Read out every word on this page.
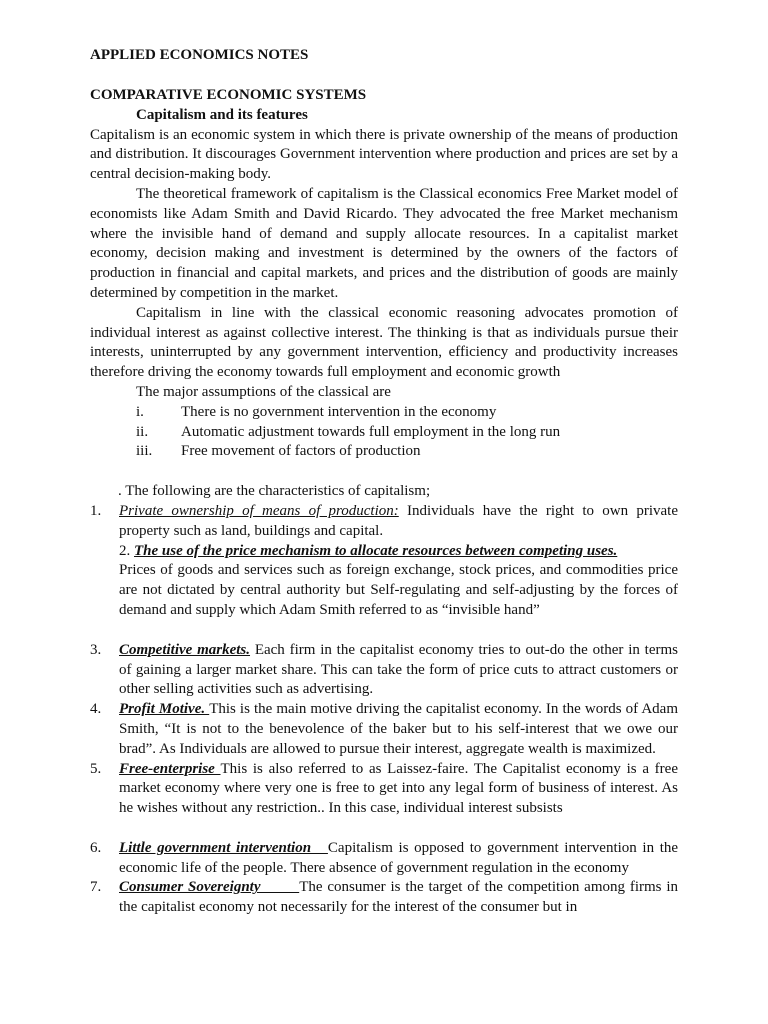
APPLIED ECONOMICS NOTES

COMPARATIVE ECONOMIC SYSTEMS

Capitalism and its features

Capitalism is an economic system in which there is private ownership of the means of production and distribution. It discourages Government intervention where production and prices are set by a central decision-making body.

The theoretical framework of capitalism is the Classical economics Free Market model of economists like Adam Smith and David Ricardo. They advocated the free Market mechanism where the invisible hand of demand and supply allocate resources. In a capitalist market economy, decision making and investment is determined by the owners of the factors of production in financial and capital markets, and prices and the distribution of goods are mainly determined by competition in the market.

Capitalism in line with the classical economic reasoning advocates promotion of individual interest as against collective interest. The thinking is that as individuals pursue their interests, uninterrupted by any government intervention, efficiency and productivity increases therefore driving the economy towards full employment and economic growth

The major assumptions of the classical are

i. There is no government intervention in the economy

ii. Automatic adjustment towards full employment in the long run

iii. Free movement of factors of production

. The following are the characteristics of capitalism;

1. Private ownership of means of production: Individuals have the right to own private property such as land, buildings and capital.

2. The use of the price mechanism to allocate resources between competing uses.

Prices of goods and services such as foreign exchange, stock prices, and commodities price are not dictated by central authority but Self-regulating and self-adjusting by the forces of demand and supply which Adam Smith referred to as “invisible hand”

3. Competitive markets. Each firm in the capitalist economy tries to out-do the other in terms of gaining a larger market share. This can take the form of price cuts to attract customers or other selling activities such as advertising.

4. Profit Motive. This is the main motive driving the capitalist economy. In the words of Adam Smith, “It is not to the benevolence of the baker but to his self-interest that we owe our brad”. As Individuals are allowed to pursue their interest, aggregate wealth is maximized.

5. Free-enterprise This is also referred to as Laissez-faire. The Capitalist economy is a free market economy where very one is free to get into any legal form of business of interest. As he wishes without any restriction.. In this case, individual interest subsists

6. Little government intervention   Capitalism is opposed to government intervention in the economic life of the people. There absence of government regulation in the economy

7. Consumer Sovereignty        The consumer is the target of the competition among firms in the capitalist economy not necessarily for the interest of the consumer but in
